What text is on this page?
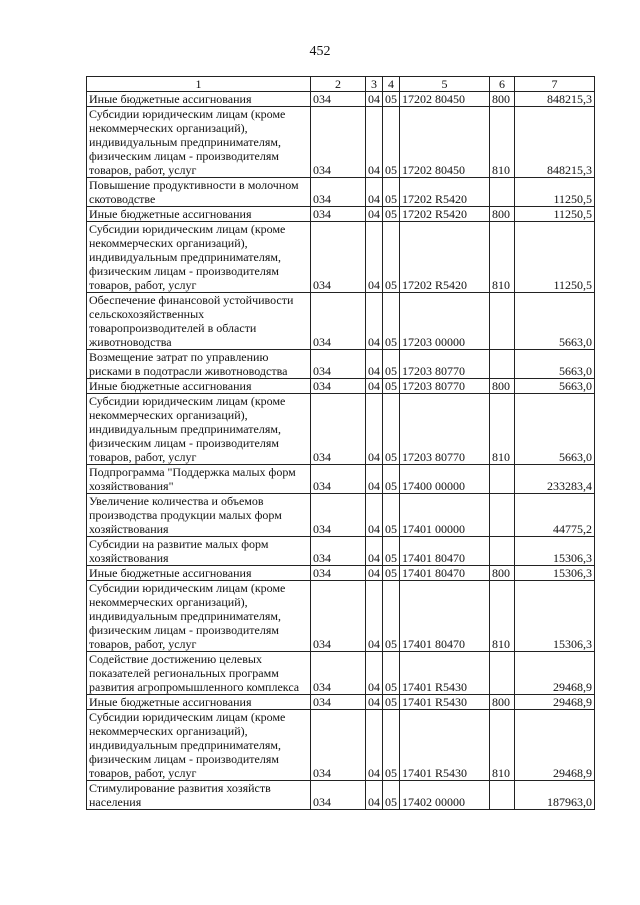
452
1	2	3	4	5	6	7
Иные бюджетные ассигнования	034	04	05	17202 80450	800	848215,3
Субсидии юридическим лицам (кроме некоммерческих организаций), индивидуальным предпринимателям, физическим лицам - производителям товаров, работ, услуг	034	04	05	17202 80450	810	848215,3
Повышение продуктивности в молочном скотоводстве	034	04	05	17202 R5420		11250,5
Иные бюджетные ассигнования	034	04	05	17202 R5420	800	11250,5
Субсидии юридическим лицам (кроме некоммерческих организаций), индивидуальным предпринимателям, физическим лицам - производителям товаров, работ, услуг	034	04	05	17202 R5420	810	11250,5
Обеспечение финансовой устойчивости сельскохозяйственных товаропроизводителей в области животноводства	034	04	05	17203 00000		5663,0
Возмещение затрат по управлению рисками в подотрасли животноводства	034	04	05	17203 80770		5663,0
Иные бюджетные ассигнования	034	04	05	17203 80770	800	5663,0
Субсидии юридическим лицам (кроме некоммерческих организаций), индивидуальным предпринимателям, физическим лицам - производителям товаров, работ, услуг	034	04	05	17203 80770	810	5663,0
Подпрограмма "Поддержка малых форм хозяйствования"	034	04	05	17400 00000		233283,4
Увеличение количества и объемов производства продукции малых форм хозяйствования	034	04	05	17401 00000		44775,2
Субсидии на развитие малых форм хозяйствования	034	04	05	17401 80470		15306,3
Иные бюджетные ассигнования	034	04	05	17401 80470	800	15306,3
Субсидии юридическим лицам (кроме некоммерческих организаций), индивидуальным предпринимателям, физическим лицам - производителям товаров, работ, услуг	034	04	05	17401 80470	810	15306,3
Содействие достижению целевых показателей региональных программ развития агропромышленного комплекса	034	04	05	17401 R5430		29468,9
Иные бюджетные ассигнования	034	04	05	17401 R5430	800	29468,9
Субсидии юридическим лицам (кроме некоммерческих организаций), индивидуальным предпринимателям, физическим лицам - производителям товаров, работ, услуг	034	04	05	17401 R5430	810	29468,9
Стимулирование развития хозяйств населения	034	04	05	17402 00000		187963,0
